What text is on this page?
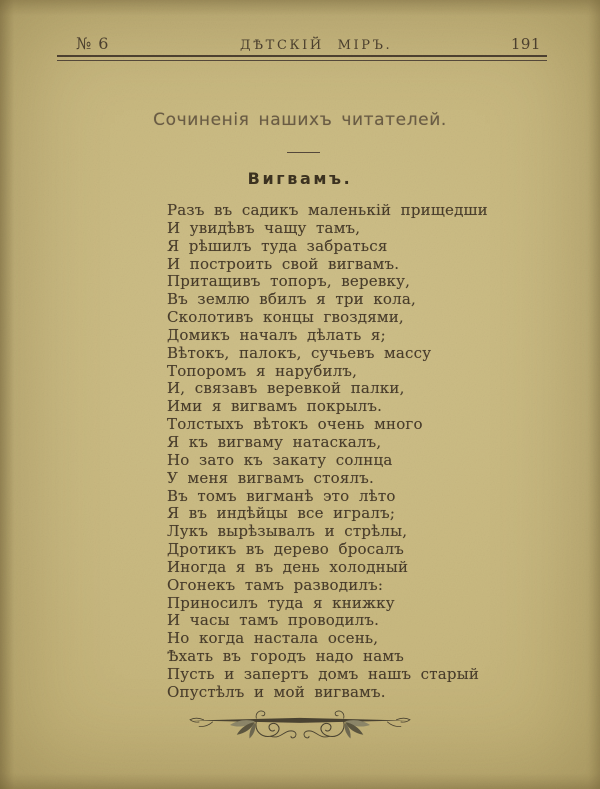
№ 6	ДѢТСКІЙ МІРЪ.	191
Сочиненія нашихъ читателей.
Вигвамъ.
Разъ въ садикъ маленькій прищедши
И увидѣвъ чащу тамъ,
Я рѣшилъ туда забраться
И построить свой вигвамъ.
Притащивъ топоръ, веревку,
Въ землю вбилъ я три кола,
Сколотивъ концы гвоздями,
Домикъ началъ дѣлать я;
Вѣтокъ, палокъ, сучьевъ массу
Топоромъ я нарубилъ,
И, связавъ веревкой палки,
Ими я вигвамъ покрылъ.
Толстыхъ вѣтокъ очень много
Я къ вигваму натаскалъ,
Но зато къ закату солнца
У меня вигвамъ стоялъ.
Въ томъ вигманѣ это лѣто
Я въ индѣйцы все игралъ;
Лукъ вырѣзывалъ и стрѣлы,
Дротикъ въ дерево бросалъ
Иногда я въ день холодный
Огонекъ тамъ разводилъ:
Приносилъ туда я книжку
И часы тамъ проводилъ.
Но когда настала осень,
Ѣхать въ городъ надо намъ
Пусть и запертъ домъ нашъ старый
Опустѣлъ и мой вигвамъ.
